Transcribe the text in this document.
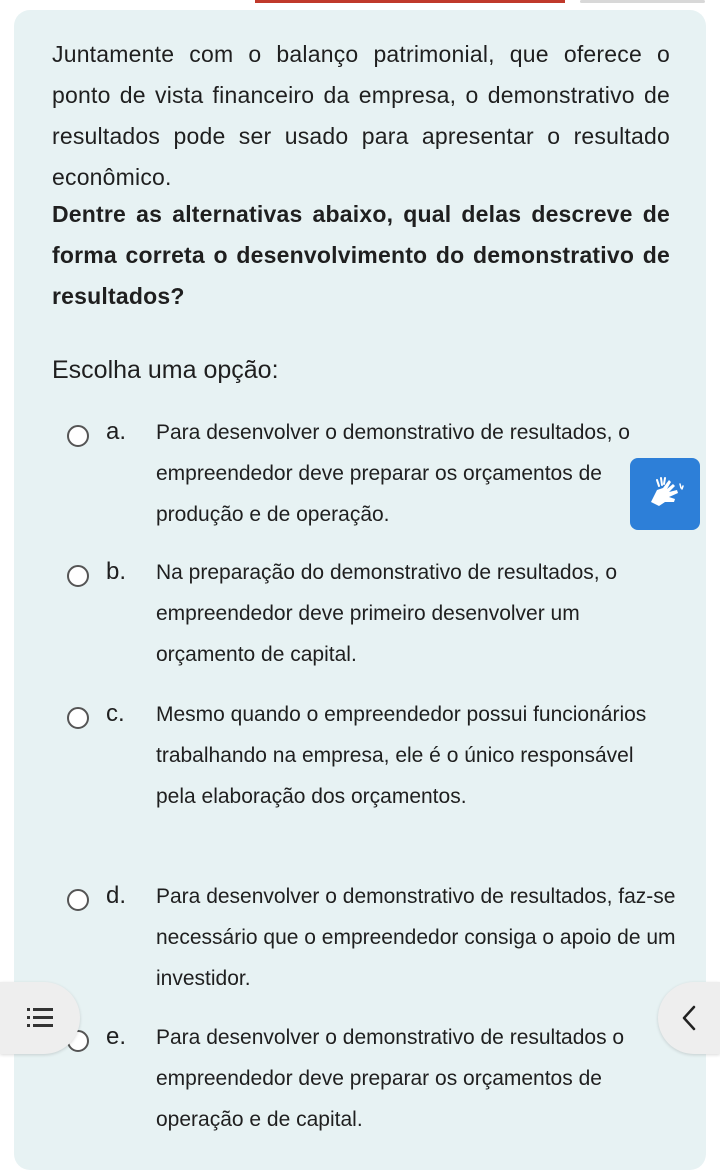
Juntamente com o balanço patrimonial, que oferece o ponto de vista financeiro da empresa, o demonstrativo de resultados pode ser usado para apresentar o resultado econômico.
Dentre as alternativas abaixo, qual delas descreve de forma correta o desenvolvimento do demonstrativo de resultados?
Escolha uma opção:
a. Para desenvolver o demonstrativo de resultados, o empreendedor deve preparar os orçamentos de produção e de operação.
b. Na preparação do demonstrativo de resultados, o empreendedor deve primeiro desenvolver um orçamento de capital.
c. Mesmo quando o empreendedor possui funcionários trabalhando na empresa, ele é o único responsável pela elaboração dos orçamentos.
d. Para desenvolver o demonstrativo de resultados, faz-se necessário que o empreendedor consiga o apoio de um investidor.
e. Para desenvolver o demonstrativo de resultados o empreendedor deve preparar os orçamentos de operação e de capital.
